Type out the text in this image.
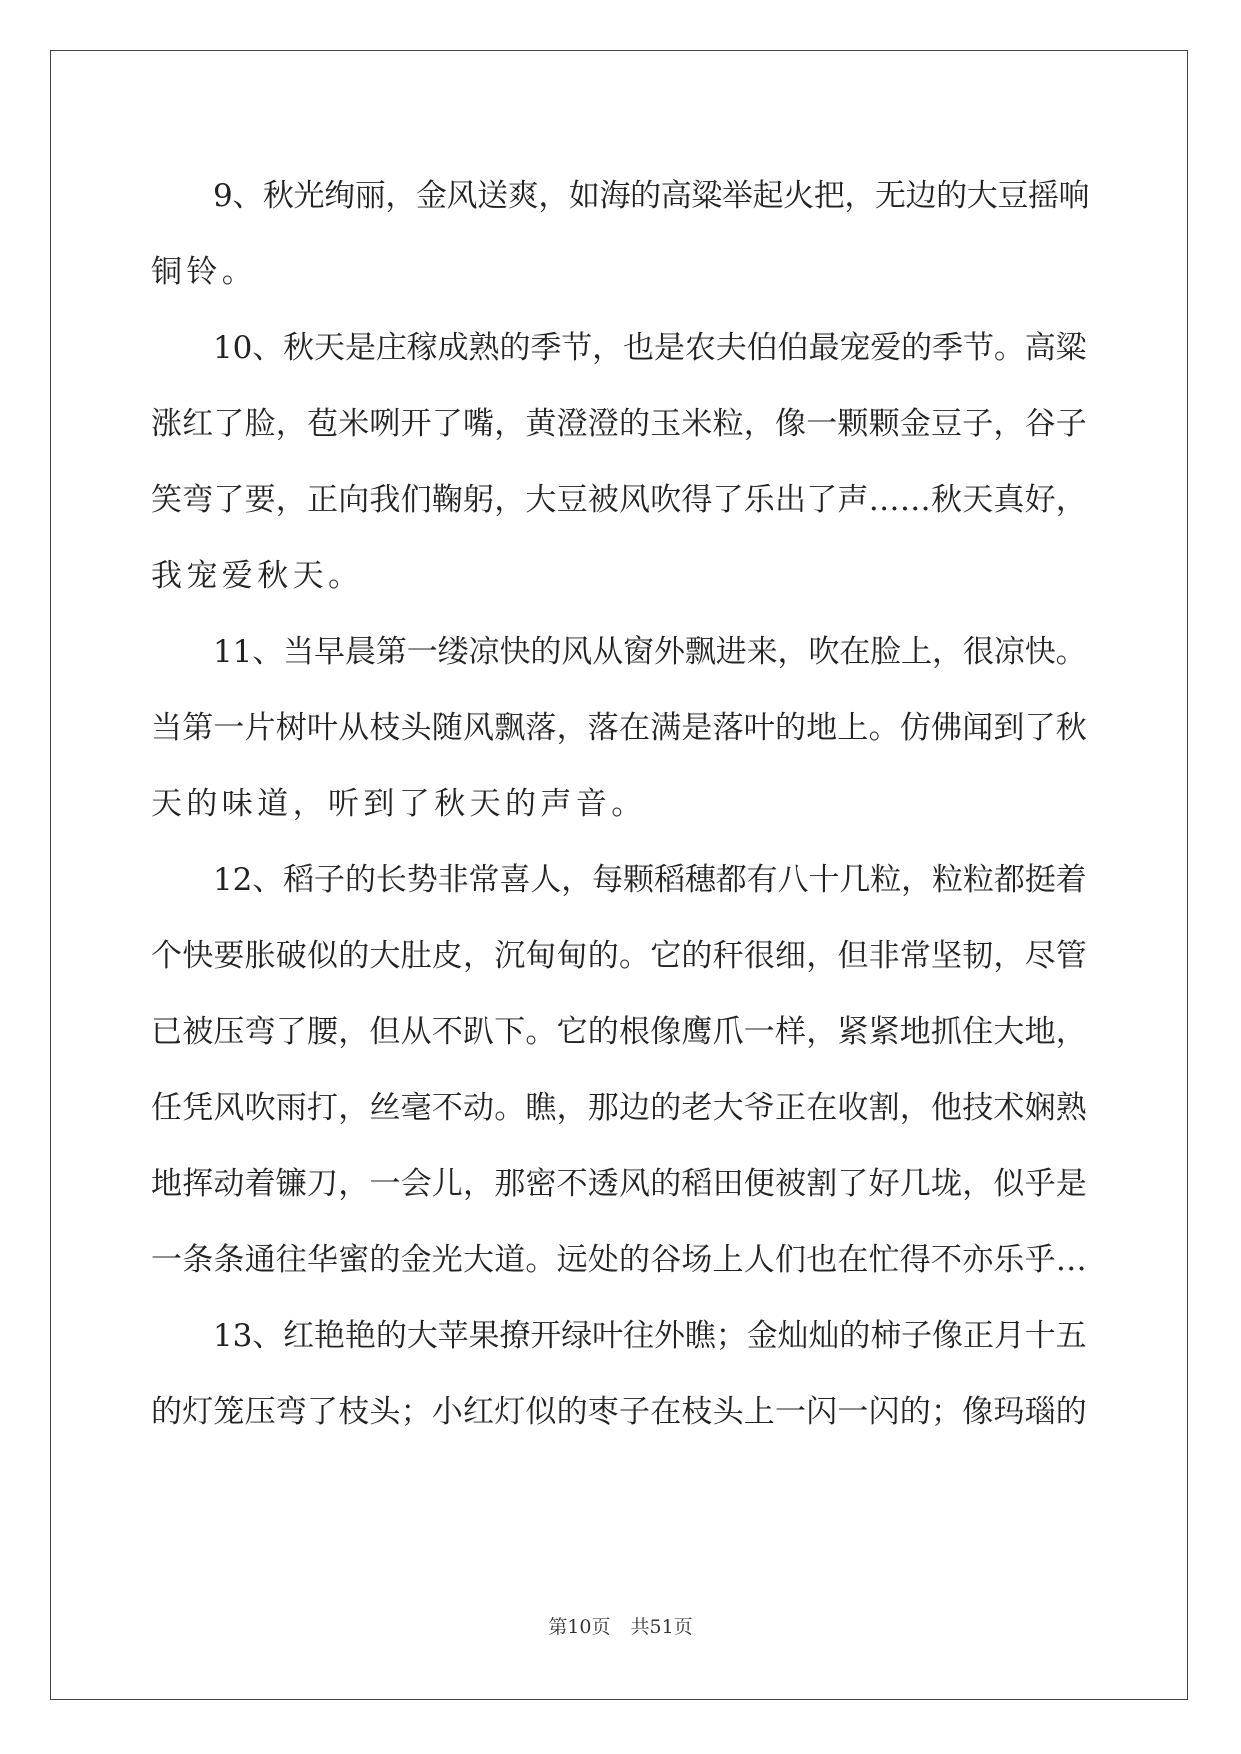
9、秋光绚丽，金风送爽，如海的高粱举起火把，无边的大豆摇响
铜铃。
10、秋天是庄稼成熟的季节，也是农夫伯伯最宠爱的季节。高粱
涨红了脸，苞米咧开了嘴，黄澄澄的玉米粒，像一颗颗金豆子，谷子
笑弯了要，正向我们鞠躬，大豆被风吹得了乐出了声……秋天真好，
我宠爱秋天。
11、当早晨第一缕凉快的风从窗外飘进来，吹在脸上，很凉快。
当第一片树叶从枝头随风飘落，落在满是落叶的地上。仿佛闻到了秋
天的味道，听到了秋天的声音。
12、稻子的长势非常喜人，每颗稻穗都有八十几粒，粒粒都挺着
个快要胀破似的大肚皮，沉甸甸的。它的秆很细，但非常坚韧，尽管
已被压弯了腰，但从不趴下。它的根像鹰爪一样，紧紧地抓住大地，
任凭风吹雨打，丝毫不动。瞧，那边的老大爷正在收割，他技术娴熟
地挥动着镰刀，一会儿，那密不透风的稻田便被割了好几垅，似乎是
一条条通往华蜜的金光大道。远处的谷场上人们也在忙得不亦乐乎…
13、红艳艳的大苹果撩开绿叶往外瞧；金灿灿的柿子像正月十五
的灯笼压弯了枝头；小红灯似的枣子在枝头上一闪一闪的；像玛瑙的
第10页 共51页
